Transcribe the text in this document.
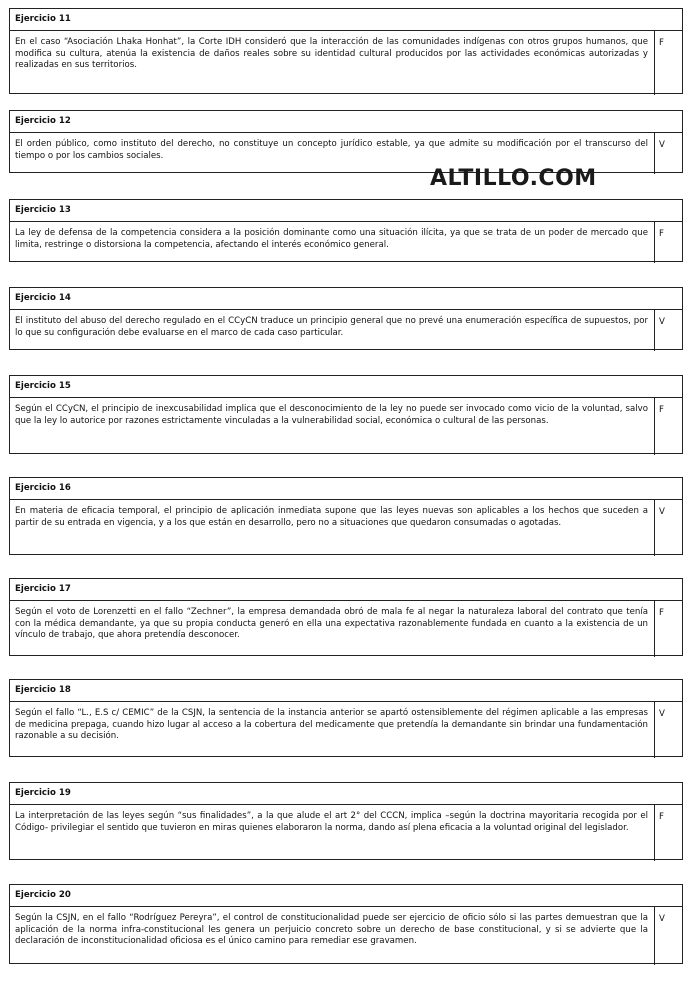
Ejercicio 11
En el caso “Asociación Lhaka Honhat”, la Corte IDH consideró que la interacción de las comunidades indígenas con otros grupos humanos, que modifica su cultura, atenúa la existencia de daños reales sobre su identidad cultural producidos por las actividades económicas autorizadas y realizadas en sus territorios.
F
Ejercicio 12
El orden público, como instituto del derecho, no constituye un concepto jurídico estable, ya que admite su modificación por el transcurso del tiempo o por los cambios sociales.
V
ALTILLO.COM
Ejercicio 13
La ley de defensa de la competencia considera a la posición dominante como una situación ilícita, ya que se trata de un poder de mercado que limita, restringe o distorsiona la competencia, afectando el interés económico general.
F
Ejercicio 14
El instituto del abuso del derecho regulado en el CCyCN traduce un principio general que no prevé una enumeración específica de supuestos, por lo que su configuración debe evaluarse en el marco de cada caso particular.
V
Ejercicio 15
Según el CCyCN, el principio de inexcusabilidad implica que el desconocimiento de la ley no puede ser invocado como vicio de la voluntad, salvo que la ley lo autorice por razones estrictamente vinculadas a la vulnerabilidad social, económica o cultural de las personas.
F
Ejercicio 16
En materia de eficacia temporal, el principio de aplicación inmediata supone que las leyes nuevas son aplicables a los hechos que suceden a partir de su entrada en vigencia, y a los que están en desarrollo, pero no a situaciones que quedaron consumadas o agotadas.
V
Ejercicio 17
Según el voto de Lorenzetti en el fallo “Zechner”, la empresa demandada obró de mala fe al negar la naturaleza laboral del contrato que tenía con la médica demandante, ya que su propia conducta generó en ella una expectativa razonablemente fundada en cuanto a la existencia de un vínculo de trabajo, que ahora pretendía desconocer.
F
Ejercicio 18
Según el fallo “L., E.S c/ CEMIC” de la CSJN, la sentencia de la instancia anterior se apartó ostensiblemente del régimen aplicable a las empresas de medicina prepaga, cuando hizo lugar al acceso a la cobertura del medicamente que pretendía la demandante sin brindar una fundamentación razonable a su decisión.
V
Ejercicio 19
La interpretación de las leyes según “sus finalidades”, a la que alude el art 2° del CCCN, implica –según la doctrina mayoritaria recogida por el Código- privilegiar el sentido que tuvieron en miras quienes elaboraron la norma, dando así plena eficacia a la voluntad original del legislador.
F
Ejercicio 20
Según la CSJN, en el fallo “Rodríguez Pereyra”, el control de constitucionalidad puede ser ejercicio de oficio sólo si las partes demuestran que la aplicación de la norma infra-constitucional les genera un perjuicio concreto sobre un derecho de base constitucional, y si se advierte que la declaración de inconstitucionalidad oficiosa es el único camino para remediar ese gravamen.
V
